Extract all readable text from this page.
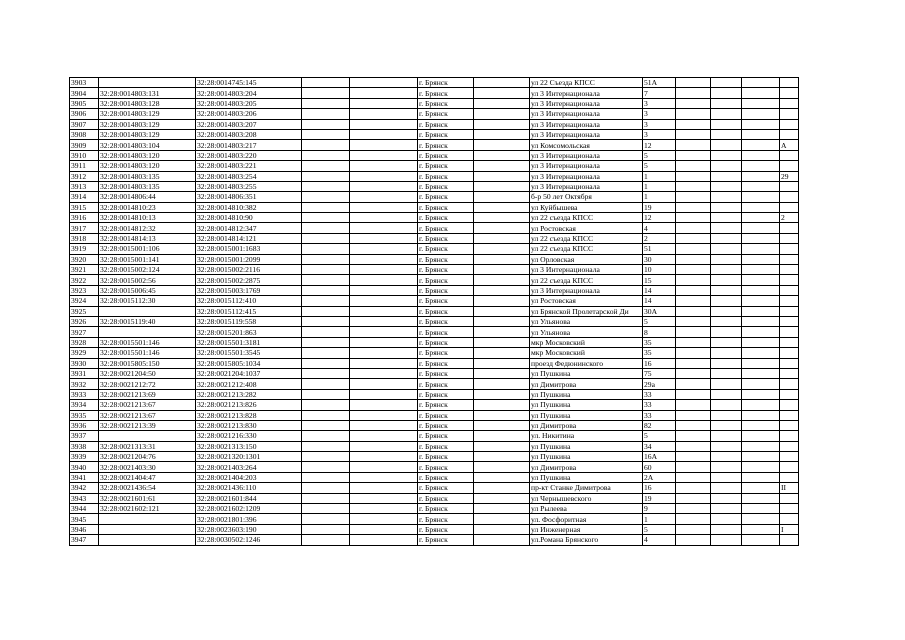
3903		32:28:0014745:145			г. Брянск		ул 22 Съезда КПСС	51А				
3904	32:28:0014803:131	32:28:0014803:204			г. Брянск		ул 3 Интернационала	7				
3905	32:28:0014803:128	32:28:0014803:205			г. Брянск		ул 3 Интернационала	3				
3906	32:28:0014803:129	32:28:0014803:206			г. Брянск		ул 3 Интернационала	3				
3907	32:28:0014803:129	32:28:0014803:207			г. Брянск		ул 3 Интернационала	3				
3908	32:28:0014803:129	32:28:0014803:208			г. Брянск		ул 3 Интернационала	3				
3909	32:28:0014803:104	32:28:0014803:217			г. Брянск		ул Комсомольская	12				А
3910	32:28:0014803:120	32:28:0014803:220			г. Брянск		ул 3 Интернационала	5				
3911	32:28:0014803:120	32:28:0014803:221			г. Брянск		ул 3 Интернационала	5				
3912	32:28:0014803:135	32:28:0014803:254			г. Брянск		ул 3 Интернационала	1				29
3913	32:28:0014803:135	32:28:0014803:255			г. Брянск		ул 3 Интернационала	1				
3914	32:28:0014806:44	32:28:0014806:351			г. Брянск		б-р 50 лет Октября	1				
3915	32:28:0014810:23	32:28:0014810:382			г. Брянск		ул Куйбышева	19				
3916	32:28:0014810:13	32:28:0014810:90			г. Брянск		ул 22 съезда КПСС	12				2
3917	32:28:0014812:32	32:28:0014812:347			г. Брянск		ул Ростовская	4				
3918	32:28:0014814:13	32:28:0014814:121			г. Брянск		ул 22 съезда КПСС	2				
3919	32:28:0015001:106	32:28:0015001:1683			г. Брянск		ул 22 съезда КПСС	51				
3920	32:28:0015001:141	32:28:0015001:2099			г. Брянск		ул Орловская	30				
3921	32:28:0015002:124	32:28:0015002:2116			г. Брянск		ул 3 Интернационала	10				
3922	32:28:0015002:56	32:28:0015002:2875			г. Брянск		ул 22 съезда КПСС	15				
3923	32:28:0015006:45	32:28:0015003:1769			г. Брянск		ул 3 Интернационала	14				
3924	32:28:0015112:30	32:28:0015112:410			г. Брянск		ул Ростовская	14				
3925		32:28:0015112:415			г. Брянск		ул Брянской Пролетарской Ди	30А				
3926	32:28:0015119:40	32:28:0015119:558			г. Брянск		ул Ульянова	5				
3927		32:28:0015201:863			г. Брянск		ул Ульянова	8				
3928	32:28:0015501:146	32:28:0015501:3181			г. Брянск		мкр Московский	35				
3929	32:28:0015501:146	32:28:0015501:3545			г. Брянск		мкр Московский	35				
3930	32:28:0015805:150	32:28:0015805:1034			г. Брянск		проезд Федюнинского	16				
3931	32:28:0021204:50	32:28:0021204:1037			г. Брянск		ул Пушкина	75				
3932	32:28:0021212:72	32:28:0021212:408			г. Брянск		ул Димитрова	29а				
3933	32:28:0021213:69	32:28:0021213:282			г. Брянск		ул Пушкина	33				
3934	32:28:0021213:67	32:28:0021213:826			г. Брянск		ул Пушкина	33				
3935	32:28:0021213:67	32:28:0021213:828			г. Брянск		ул Пушкина	33				
3936	32:28:0021213:39	32:28:0021213:830			г. Брянск		ул Димитрова	82				
3937		32:28:0021216:330			г. Брянск		ул. Никитина	5				
3938	32:28:0021313:31	32:28:0021313:150			г. Брянск		ул Пушкина	34				
3939	32:28:0021204:76	32:28:0021320:1301			г. Брянск		ул Пушкина	16А				
3940	32:28:0021403:30	32:28:0021403:264			г. Брянск		ул Димитрова	60				
3941	32:28:0021404:47	32:28:0021404:203			г. Брянск		ул Пушкина	2А				
3942	32:28:0021436:54	32:28:0021436:110			г. Брянск		пр-кт Станке Димитрова	16				II
3943	32:28:0021601:61	32:28:0021601:844			г. Брянск		ул Чернышевского	19				
3944	32:28:0021602:121	32:28:0021602:1209			г. Брянск		ул Рылеева	9				
3945		32:28:0021801:396			г. Брянск		ул. Фосфоритная	1				
3946		32:28:0023603:190			г. Брянск		ул Инженерная	5				I
3947		32:28:0030502:1246			г. Брянск		ул.Романа Брянского	4				
